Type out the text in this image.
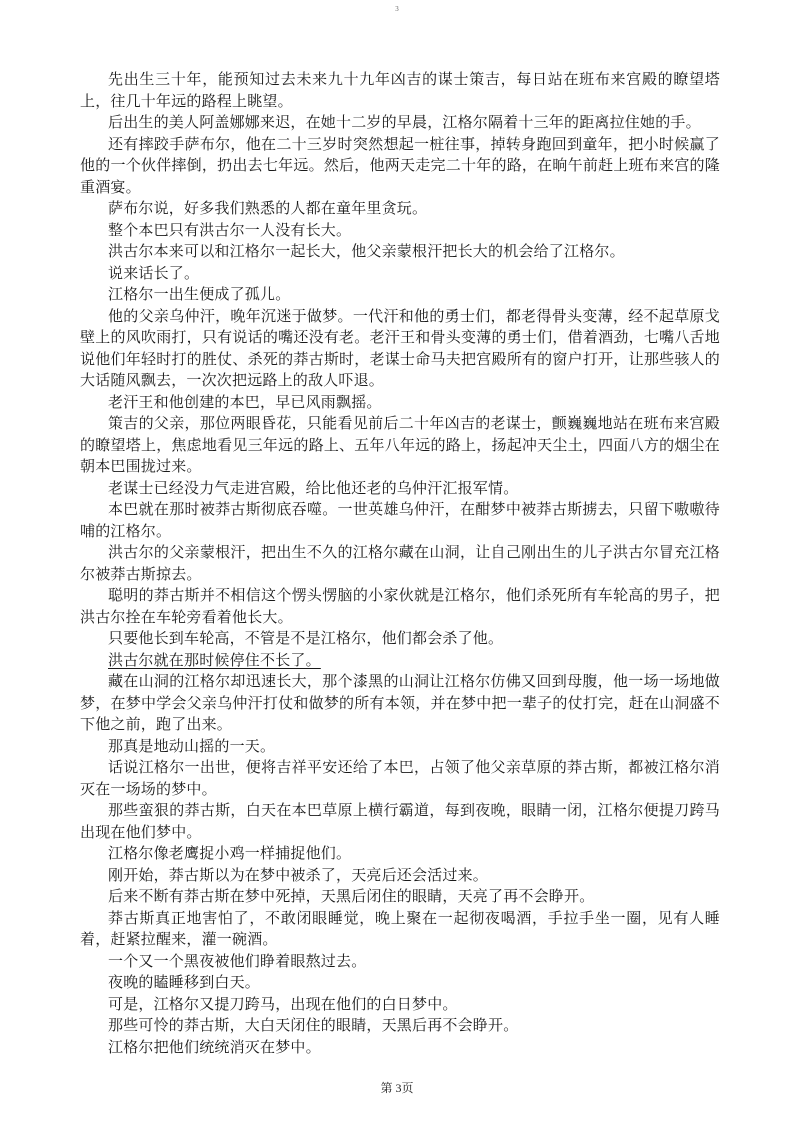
3

先出生三十年，能预知过去未来九十九年凶吉的谋士策吉，每日站在班布来宫殿的瞭望塔上，往几十年远的路程上眺望。

后出生的美人阿盖娜娜来迟，在她十二岁的早晨，江格尔隔着十三年的距离拉住她的手。

还有摔跤手萨布尔，他在二十三岁时突然想起一桩往事，掉转身跑回到童年，把小时候赢了他的一个伙伴摔倒，扔出去七年远。然后，他两天走完二十年的路，在晌午前赶上班布来宫的隆重酒宴。

萨布尔说，好多我们熟悉的人都在童年里贪玩。

整个本巴只有洪古尔一人没有长大。

洪古尔本来可以和江格尔一起长大，他父亲蒙根汗把长大的机会给了江格尔。

说来话长了。

江格尔一出生便成了孤儿。

他的父亲乌仲汗，晚年沉迷于做梦。一代汗和他的勇士们，都老得骨头变薄，经不起草原戈壁上的风吹雨打，只有说话的嘴还没有老。老汗王和骨头变薄的勇士们，借着酒劲，七嘴八舌地说他们年轻时打的胜仗、杀死的莽古斯时，老谋士命马夫把宫殿所有的窗户打开，让那些骇人的大话随风飘去，一次次把远路上的敌人吓退。

老汗王和他创建的本巴，早已风雨飘摇。

策吉的父亲，那位两眼昏花，只能看见前后二十年凶吉的老谋士，颤巍巍地站在班布来宫殿的瞭望塔上，焦虑地看见三年远的路上、五年八年远的路上，扬起冲天尘土，四面八方的烟尘在朝本巴围拢过来。

老谋士已经没力气走进宫殿，给比他还老的乌仲汗汇报军情。

本巴就在那时被莽古斯彻底吞噬。一世英雄乌仲汗，在酣梦中被莽古斯掳去，只留下嗷嗷待哺的江格尔。

洪古尔的父亲蒙根汗，把出生不久的江格尔藏在山洞，让自己刚出生的儿子洪古尔冒充江格尔被莽古斯掠去。

聪明的莽古斯并不相信这个愣头愣脑的小家伙就是江格尔，他们杀死所有车轮高的男子，把洪古尔拴在车轮旁看着他长大。

只要他长到车轮高，不管是不是江格尔，他们都会杀了他。

洪古尔就在那时候停住不长了。

藏在山洞的江格尔却迅速长大，那个漆黑的山洞让江格尔仿佛又回到母腹，他一场一场地做梦，在梦中学会父亲乌仲汗打仗和做梦的所有本领，并在梦中把一辈子的仗打完，赶在山洞盛不下他之前，跑了出来。

那真是地动山摇的一天。

话说江格尔一出世，便将吉祥平安还给了本巴，占领了他父亲草原的莽古斯，都被江格尔消灭在一场场的梦中。

那些蛮狠的莽古斯，白天在本巴草原上横行霸道，每到夜晚，眼睛一闭，江格尔便提刀跨马出现在他们梦中。

江格尔像老鹰捉小鸡一样捕捉他们。

刚开始，莽古斯以为在梦中被杀了，天亮后还会活过来。

后来不断有莽古斯在梦中死掉，天黑后闭住的眼睛，天亮了再不会睁开。

莽古斯真正地害怕了，不敢闭眼睡觉，晚上聚在一起彻夜喝酒，手拉手坐一圈，见有人睡着，赶紧拉醒来，灌一碗酒。

一个又一个黑夜被他们睁着眼熬过去。

夜晚的瞌睡移到白天。

可是，江格尔又提刀跨马，出现在他们的白日梦中。

那些可怜的莽古斯，大白天闭住的眼睛，天黑后再不会睁开。

江格尔把他们统统消灭在梦中。

第 3页
